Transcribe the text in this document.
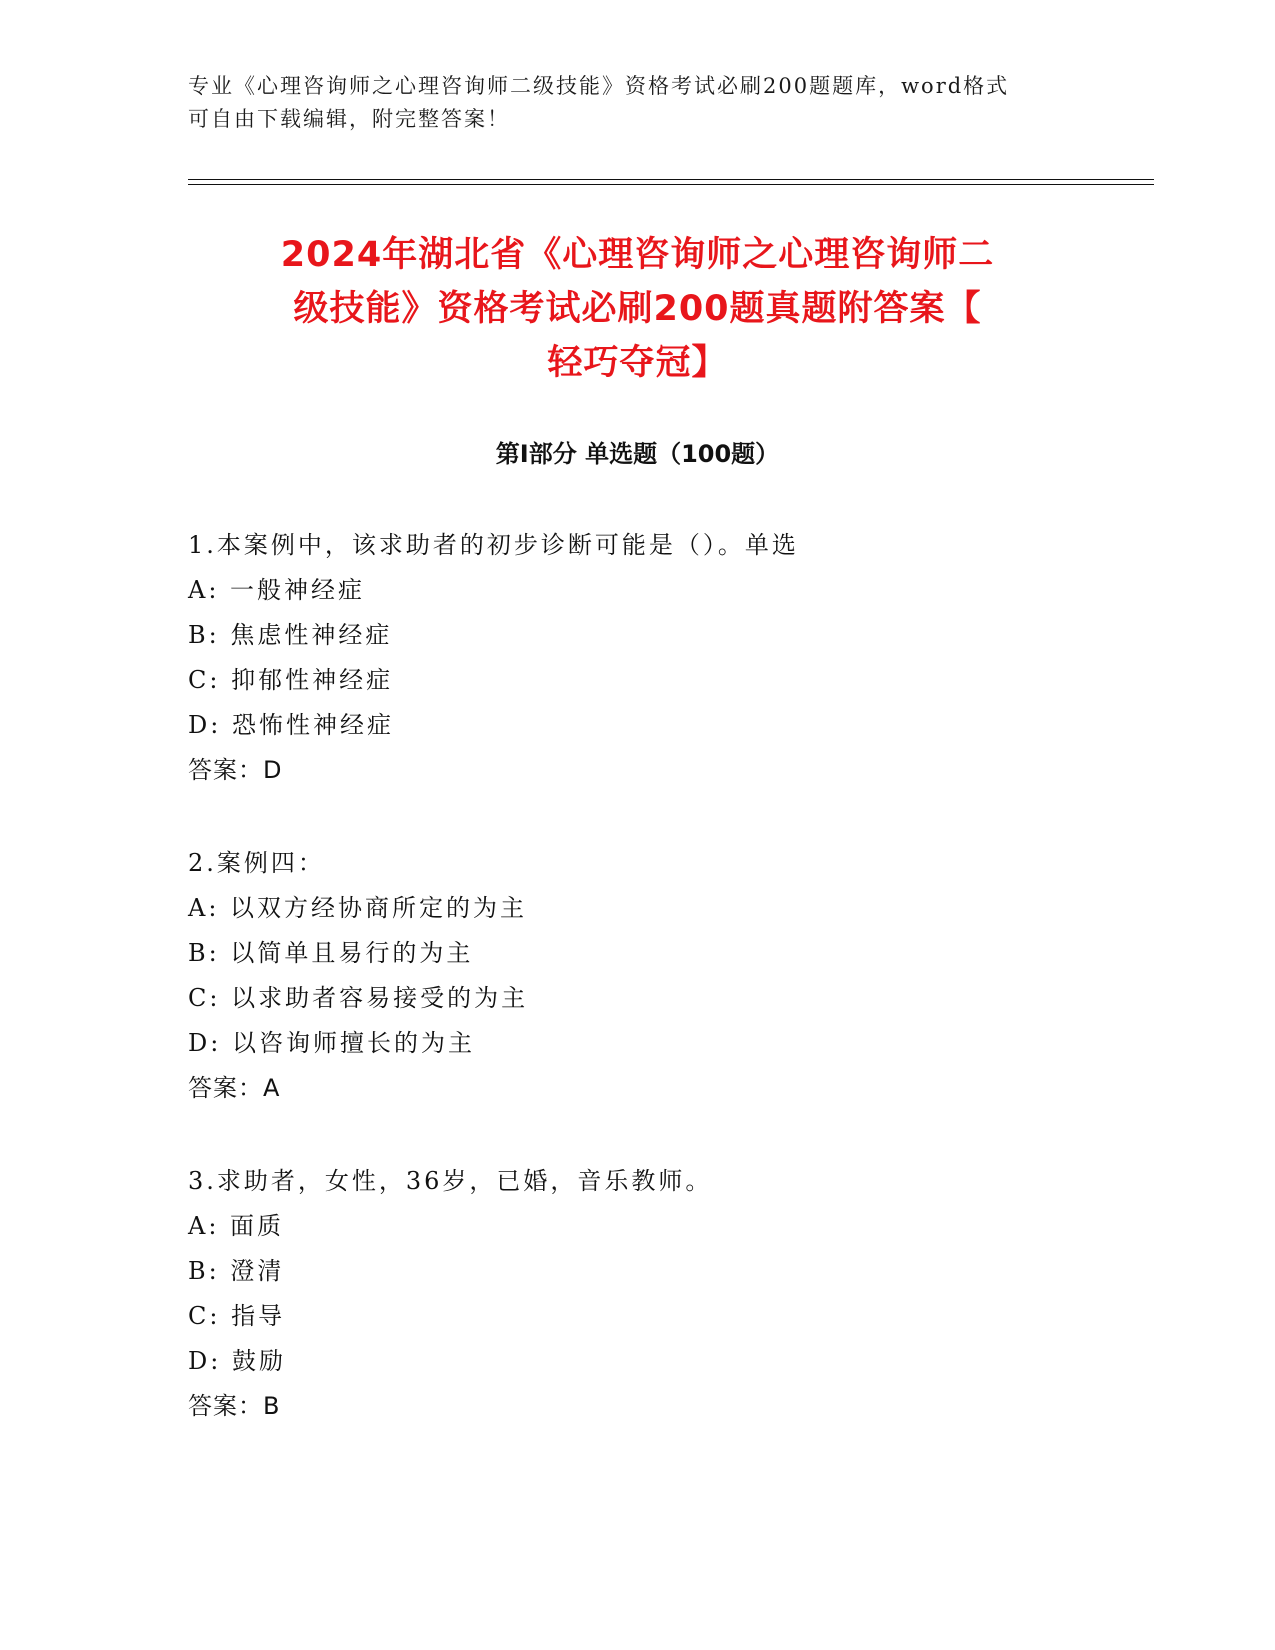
专业《心理咨询师之心理咨询师二级技能》资格考试必刷200题题库，word格式
可自由下载编辑，附完整答案！
2024年湖北省《心理咨询师之心理咨询师二
级技能》资格考试必刷200题真题附答案【
轻巧夺冠】
第I部分 单选题（100题）
1.本案例中，该求助者的初步诊断可能是（）。单选
A: 一般神经症
B: 焦虑性神经症
C: 抑郁性神经症
D: 恐怖性神经症
答案：D
2.案例四：
A: 以双方经协商所定的为主
B: 以简单且易行的为主
C: 以求助者容易接受的为主
D: 以咨询师擅长的为主
答案：A
3.求助者，女性，36岁，已婚，音乐教师。
A: 面质
B: 澄清
C: 指导
D: 鼓励
答案：B
